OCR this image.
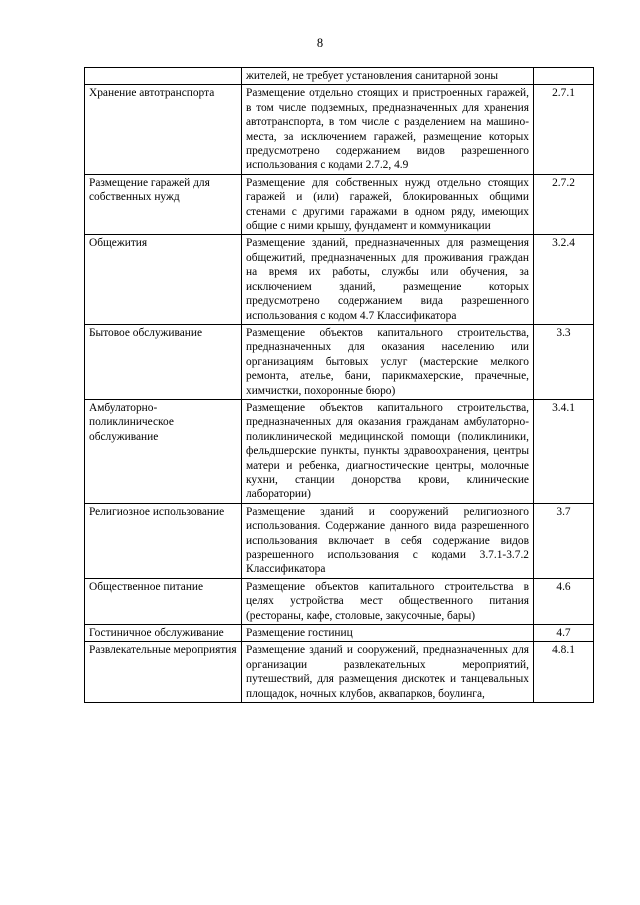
8
	жителей, не требует установления санитарной зоны	
Хранение автотранспорта	Размещение отдельно стоящих и пристроенных гаражей, в том числе подземных, предназначенных для хранения автотранспорта, в том числе с разделением на машино-места, за исключением гаражей, размещение которых предусмотрено содержанием видов разрешенного использования с кодами 2.7.2, 4.9	2.7.1
Размещение гаражей для собственных нужд	Размещение для собственных нужд отдельно стоящих гаражей и (или) гаражей, блокированных общими стенами с другими гаражами в одном ряду, имеющих общие с ними крышу, фундамент и коммуникации	2.7.2
Общежития	Размещение зданий, предназначенных для размещения общежитий, предназначенных для проживания граждан на время их работы, службы или обучения, за исключением зданий, размещение которых предусмотрено содержанием вида разрешенного использования с кодом 4.7 Классификатора	3.2.4
Бытовое обслуживание	Размещение объектов капитального строительства, предназначенных для оказания населению или организациям бытовых услуг (мастерские мелкого ремонта, ателье, бани, парикмахерские, прачечные, химчистки, похоронные бюро)	3.3
Амбулаторно-поликлиническое обслуживание	Размещение объектов капитального строительства, предназначенных для оказания гражданам амбулаторно-поликлинической медицинской помощи (поликлиники, фельдшерские пункты, пункты здравоохранения, центры матери и ребенка, диагностические центры, молочные кухни, станции донорства крови, клинические лаборатории)	3.4.1
Религиозное использование	Размещение зданий и сооружений религиозного использования. Содержание данного вида разрешенного использования включает в себя содержание видов разрешенного использования с кодами 3.7.1-3.7.2 Классификатора	3.7
Общественное питание	Размещение объектов капитального строительства в целях устройства мест общественного питания (рестораны, кафе, столовые, закусочные, бары)	4.6
Гостиничное обслуживание	Размещение гостиниц	4.7
Развлекательные мероприятия	Размещение зданий и сооружений, предназначенных для организации развлекательных мероприятий, путешествий, для размещения дискотек и танцевальных площадок, ночных клубов, аквапарков, боулинга,	4.8.1
